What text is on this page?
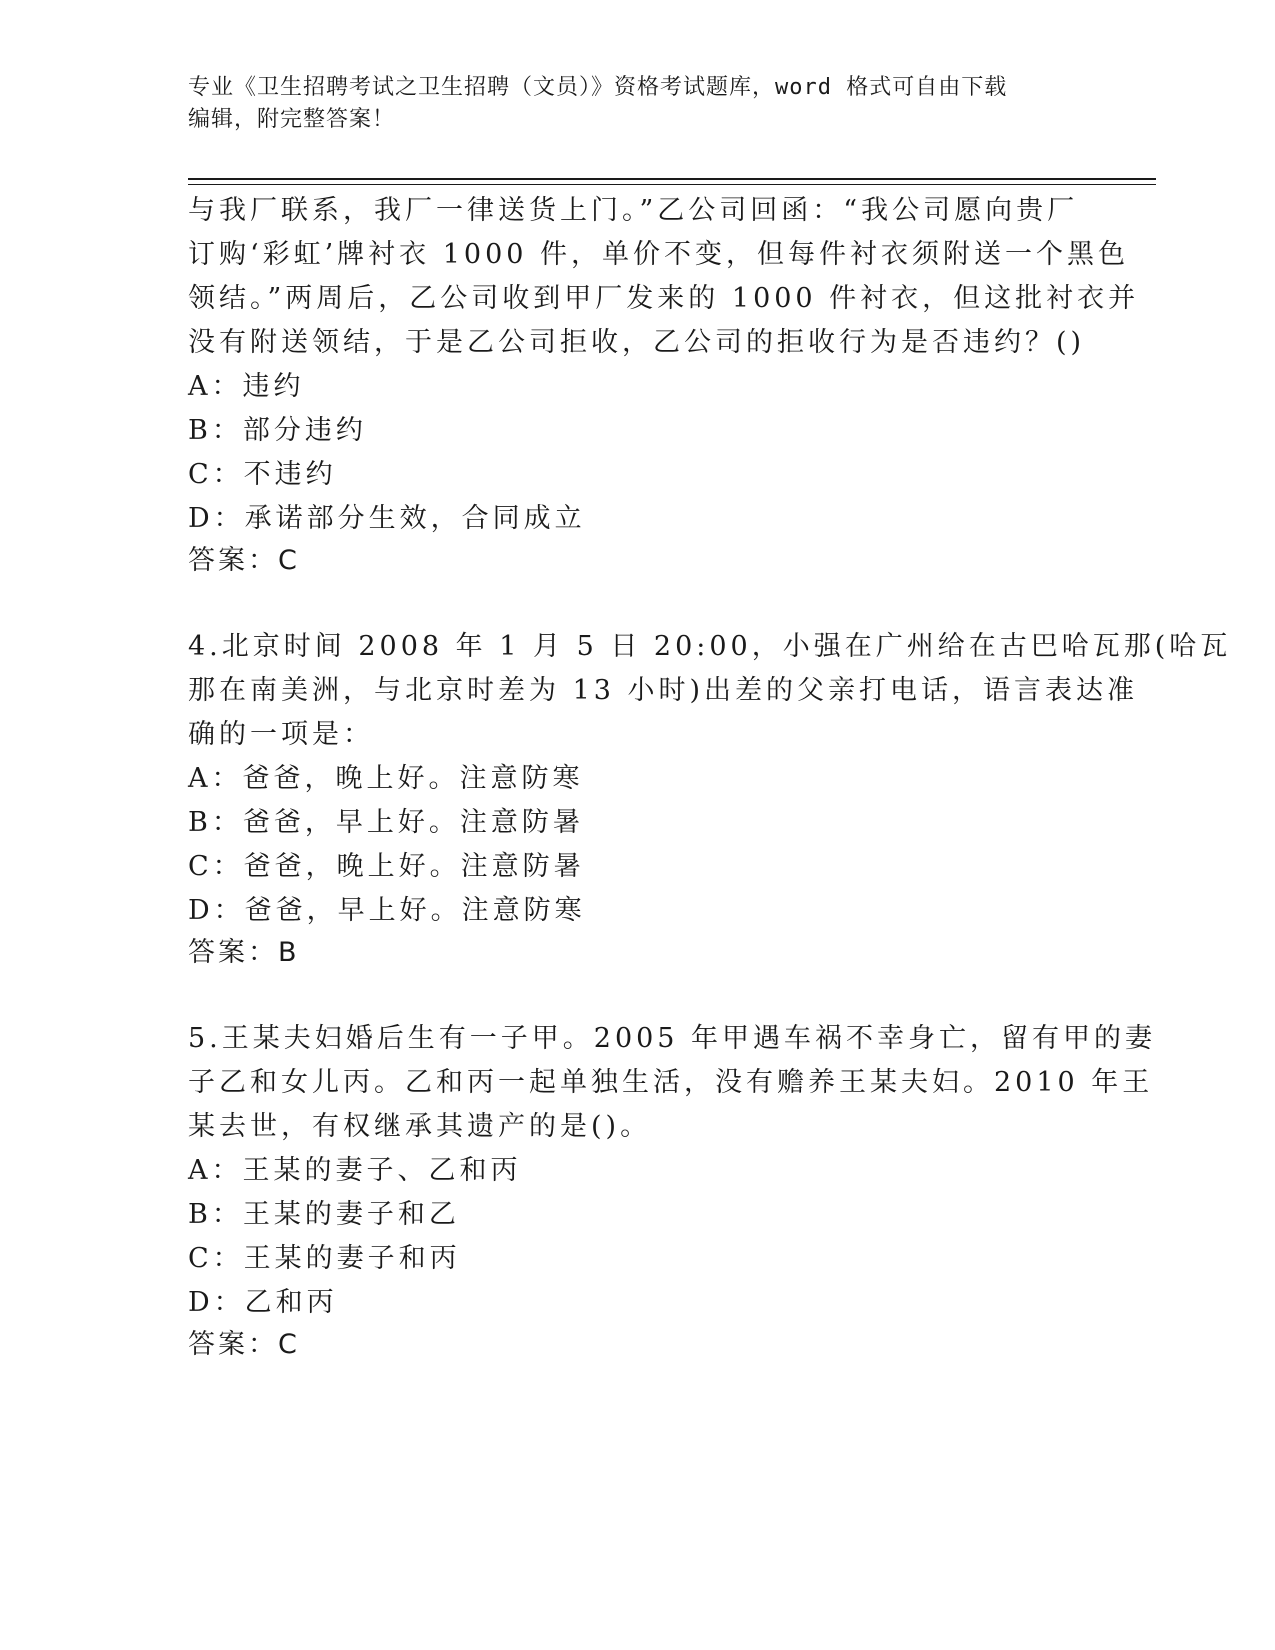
专业《卫生招聘考试之卫生招聘（文员）》资格考试题库，word 格式可自由下载
编辑，附完整答案！
与我厂联系，我厂一律送货上门。”乙公司回函：“我公司愿向贵厂
订购‘彩虹’牌衬衣 1000 件，单价不变，但每件衬衣须附送一个黑色
领结。”两周后，乙公司收到甲厂发来的 1000 件衬衣，但这批衬衣并
没有附送领结，于是乙公司拒收，乙公司的拒收行为是否违约？()
A：违约
B：部分违约
C：不违约
D：承诺部分生效，合同成立
答案：C
4.北京时间 2008 年 1 月 5 日 20:00，小强在广州给在古巴哈瓦那(哈瓦
那在南美洲，与北京时差为 13 小时)出差的父亲打电话，语言表达准
确的一项是：
A：爸爸，晚上好。注意防寒
B：爸爸，早上好。注意防暑
C：爸爸，晚上好。注意防暑
D：爸爸，早上好。注意防寒
答案：B
5.王某夫妇婚后生有一子甲。2005 年甲遇车祸不幸身亡，留有甲的妻
子乙和女儿丙。乙和丙一起单独生活，没有赡养王某夫妇。2010 年王
某去世，有权继承其遗产的是()。
A：王某的妻子、乙和丙
B：王某的妻子和乙
C：王某的妻子和丙
D：乙和丙
答案：C
